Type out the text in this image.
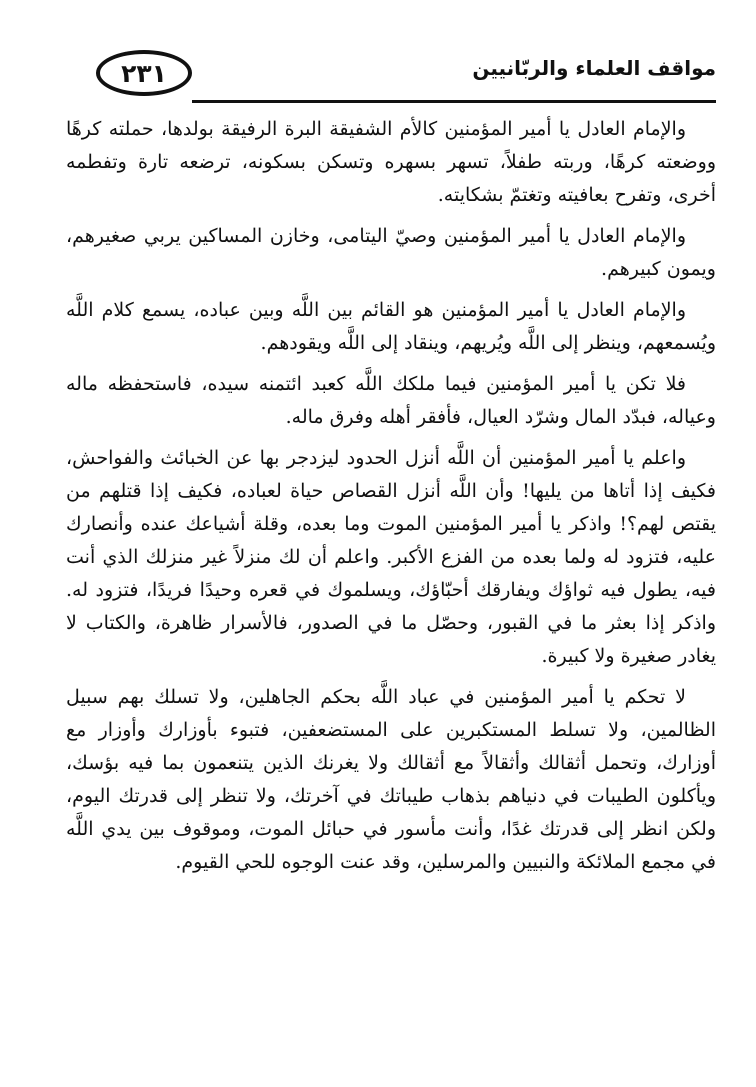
٢٣١	مواقف العلماء والربّانيين

والإمام العادل يا أمير المؤمنين كالأم الشفيقة البرة الرفيقة بولدها، حملته كرهًا ووضعته كرهًا، وربته طفلاً، تسهر بسهره وتسكن بسكونه، ترضعه تارة وتفطمه أخرى، وتفرح بعافيته وتغتمّ بشكايته.

والإمام العادل يا أمير المؤمنين وصيّ اليتامى، وخازن المساكين يربي صغيرهم، ويمون كبيرهم.

والإمام العادل يا أمير المؤمنين هو القائم بين اللَّه وبين عباده، يسمع كلام اللَّه ويُسمعهم، وينظر إلى اللَّه ويُريهم، وينقاد إلى اللَّه ويقودهم.

فلا تكن يا أمير المؤمنين فيما ملكك اللَّه كعبد ائتمنه سيده، فاستحفظه ماله وعياله، فبدّد المال وشرّد العيال، فأفقر أهله وفرق ماله.

واعلم يا أمير المؤمنين أن اللَّه أنزل الحدود ليزدجر بها عن الخبائث والفواحش، فكيف إذا أتاها من يليها! وأن اللَّه أنزل القصاص حياة لعباده، فكيف إذا قتلهم من يقتص لهم؟! واذكر يا أمير المؤمنين الموت وما بعده، وقلة أشياعك عنده وأنصارك عليه، فتزود له ولما بعده من الفزع الأكبر. واعلم أن لك منزلاً غير منزلك الذي أنت فيه، يطول فيه ثواؤك ويفارقك أحبّاؤك، ويسلموك في قعره وحيدًا فريدًا، فتزود له. واذكر إذا بعثر ما في القبور، وحصّل ما في الصدور، فالأسرار ظاهرة، والكتاب لا يغادر صغيرة ولا كبيرة.

لا تحكم يا أمير المؤمنين في عباد اللَّه بحكم الجاهلين، ولا تسلك بهم سبيل الظالمين، ولا تسلط المستكبرين على المستضعفين، فتبوء بأوزارك وأوزار مع أوزارك، وتحمل أثقالك وأثقالاً مع أثقالك ولا يغرنك الذين يتنعمون بما فيه بؤسك، ويأكلون الطيبات في دنياهم بذهاب طيباتك في آخرتك، ولا تنظر إلى قدرتك اليوم، ولكن انظر إلى قدرتك غدًا، وأنت مأسور في حبائل الموت، وموقوف بين يدي اللَّه في مجمع الملائكة والنبيين والمرسلين، وقد عنت الوجوه للحي القيوم.
